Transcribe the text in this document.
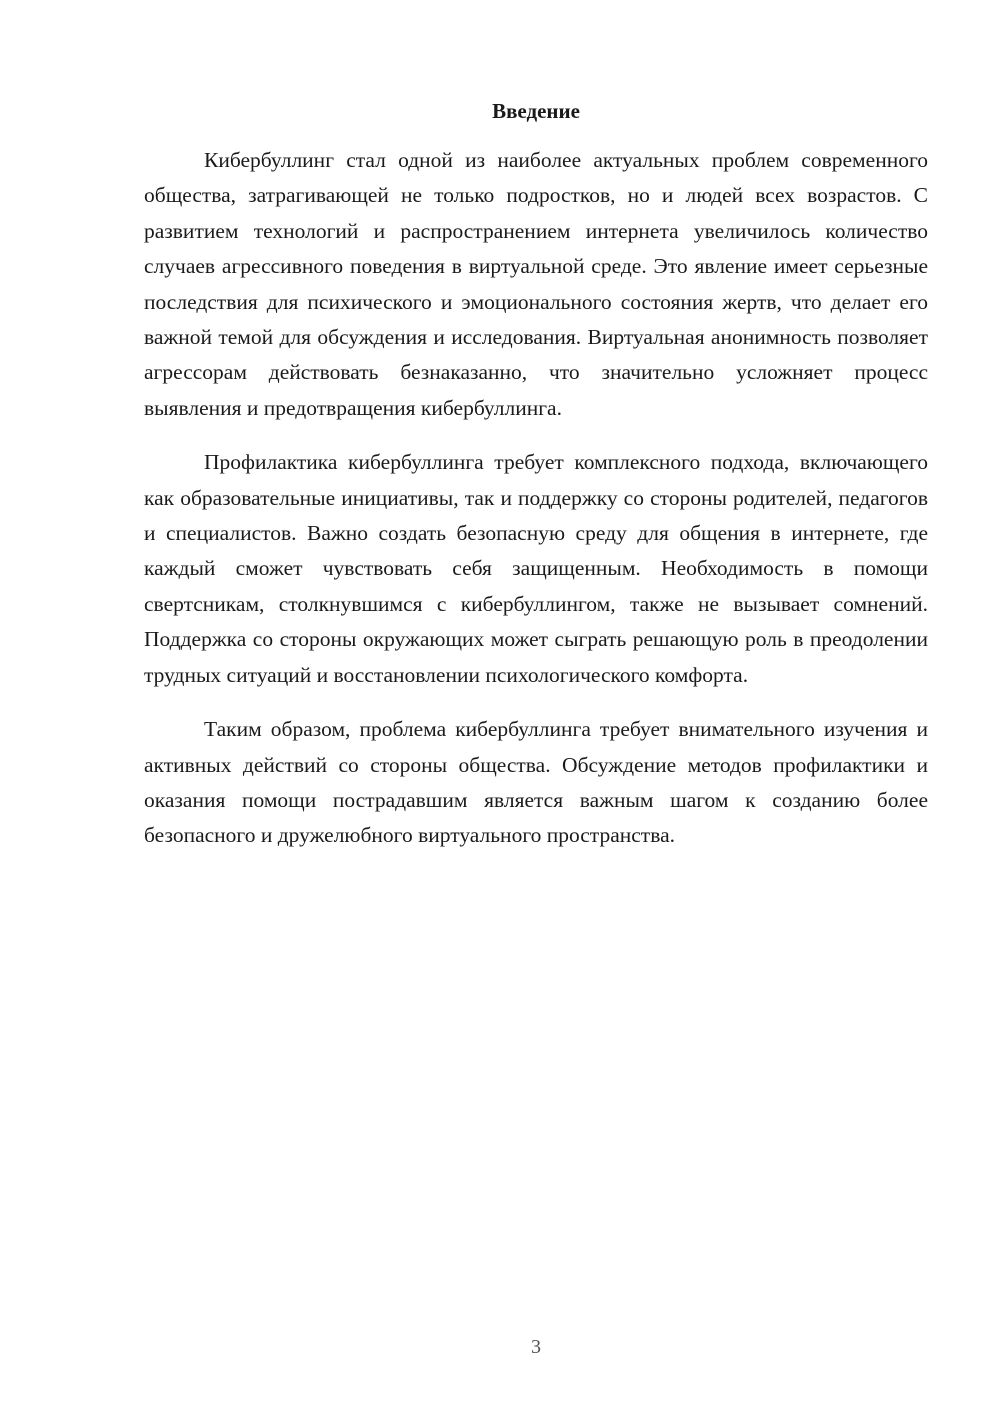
Введение

Кибербуллинг стал одной из наиболее актуальных проблем современного общества, затрагивающей не только подростков, но и людей всех возрастов. С развитием технологий и распространением интернета увеличилось количество случаев агрессивного поведения в виртуальной среде. Это явление имеет серьезные последствия для психического и эмоционального состояния жертв, что делает его важной темой для обсуждения и исследования. Виртуальная анонимность позволяет агрессорам действовать безнаказанно, что значительно усложняет процесс выявления и предотвращения кибербуллинга.

Профилактика кибербуллинга требует комплексного подхода, включающего как образовательные инициативы, так и поддержку со стороны родителей, педагогов и специалистов. Важно создать безопасную среду для общения в интернете, где каждый сможет чувствовать себя защищенным. Необходимость в помощи свертсникам, столкнувшимся с кибербуллингом, также не вызывает сомнений. Поддержка со стороны окружающих может сыграть решающую роль в преодолении трудных ситуаций и восстановлении психологического комфорта.

Таким образом, проблема кибербуллинга требует внимательного изучения и активных действий со стороны общества. Обсуждение методов профилактики и оказания помощи пострадавшим является важным шагом к созданию более безопасного и дружелюбного виртуального пространства.

3
